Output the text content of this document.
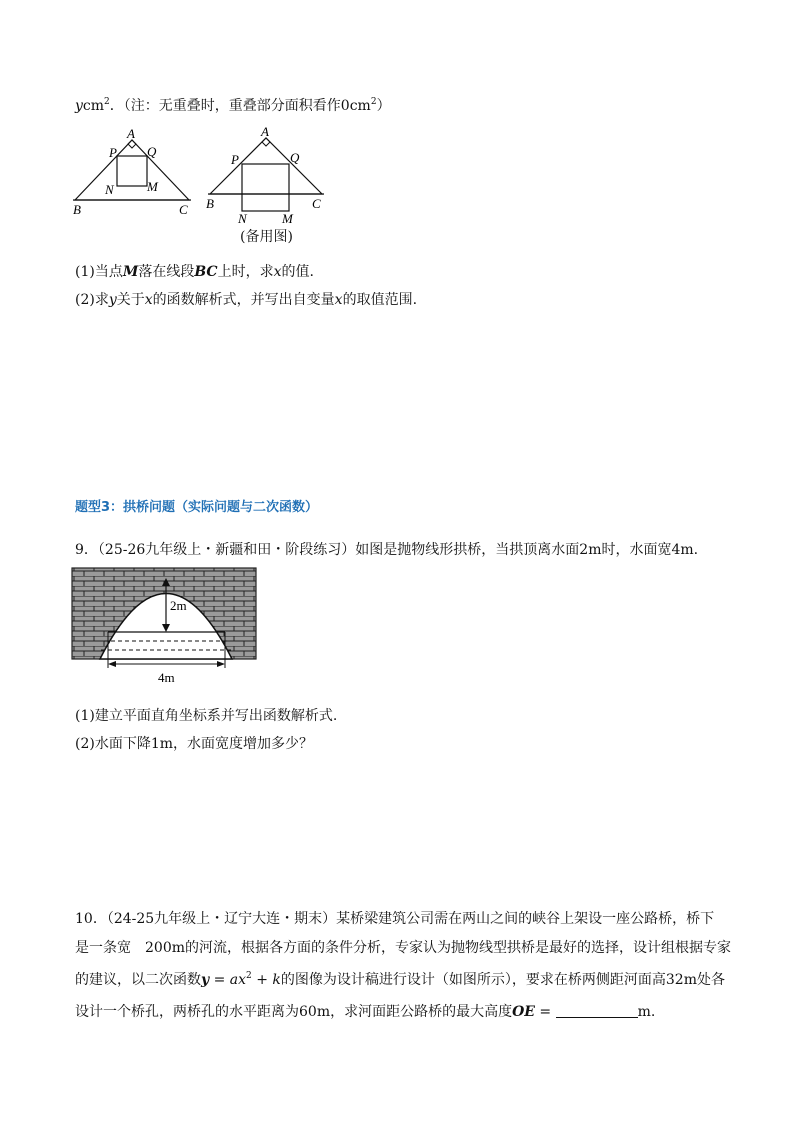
ycm$^2$．（注：无重叠时，重叠部分面积看作$0cm^2$）
A
P Q
N	M
B	C
A
P	Q
N	M
B	C
(备用图)
(1)当点M落在线段BC上时，求x的值.
(2)求y关于x的函数解析式，并写出自变量x的取值范围.
题型3：拱桥问题（实际问题与二次函数）
9．（25-26九年级上・新疆和田・阶段练习）如图是抛物线形拱桥，当拱顶离水面2m时，水面宽4m.
2m
4m
(1)建立平面直角坐标系并写出函数解析式.
(2)水面下降1m，水面宽度增加多少？
10．（24-25九年级上・辽宁大连・期末）某桥梁建筑公司需在两山之间的峡谷上架设一座公路桥，桥下
是一条宽　200m的河流，根据各方面的条件分析，专家认为抛物线型拱桥是最好的选择，设计组根据专家
的建议，以二次函数$y = ax^2 + k$的图像为设计稿进行设计（如图所示），要求在桥两侧距河面高32m处各
设计一个桥孔，两桥孔的水平距离为60m，求河面距公路桥的最大高度OE =	m.
